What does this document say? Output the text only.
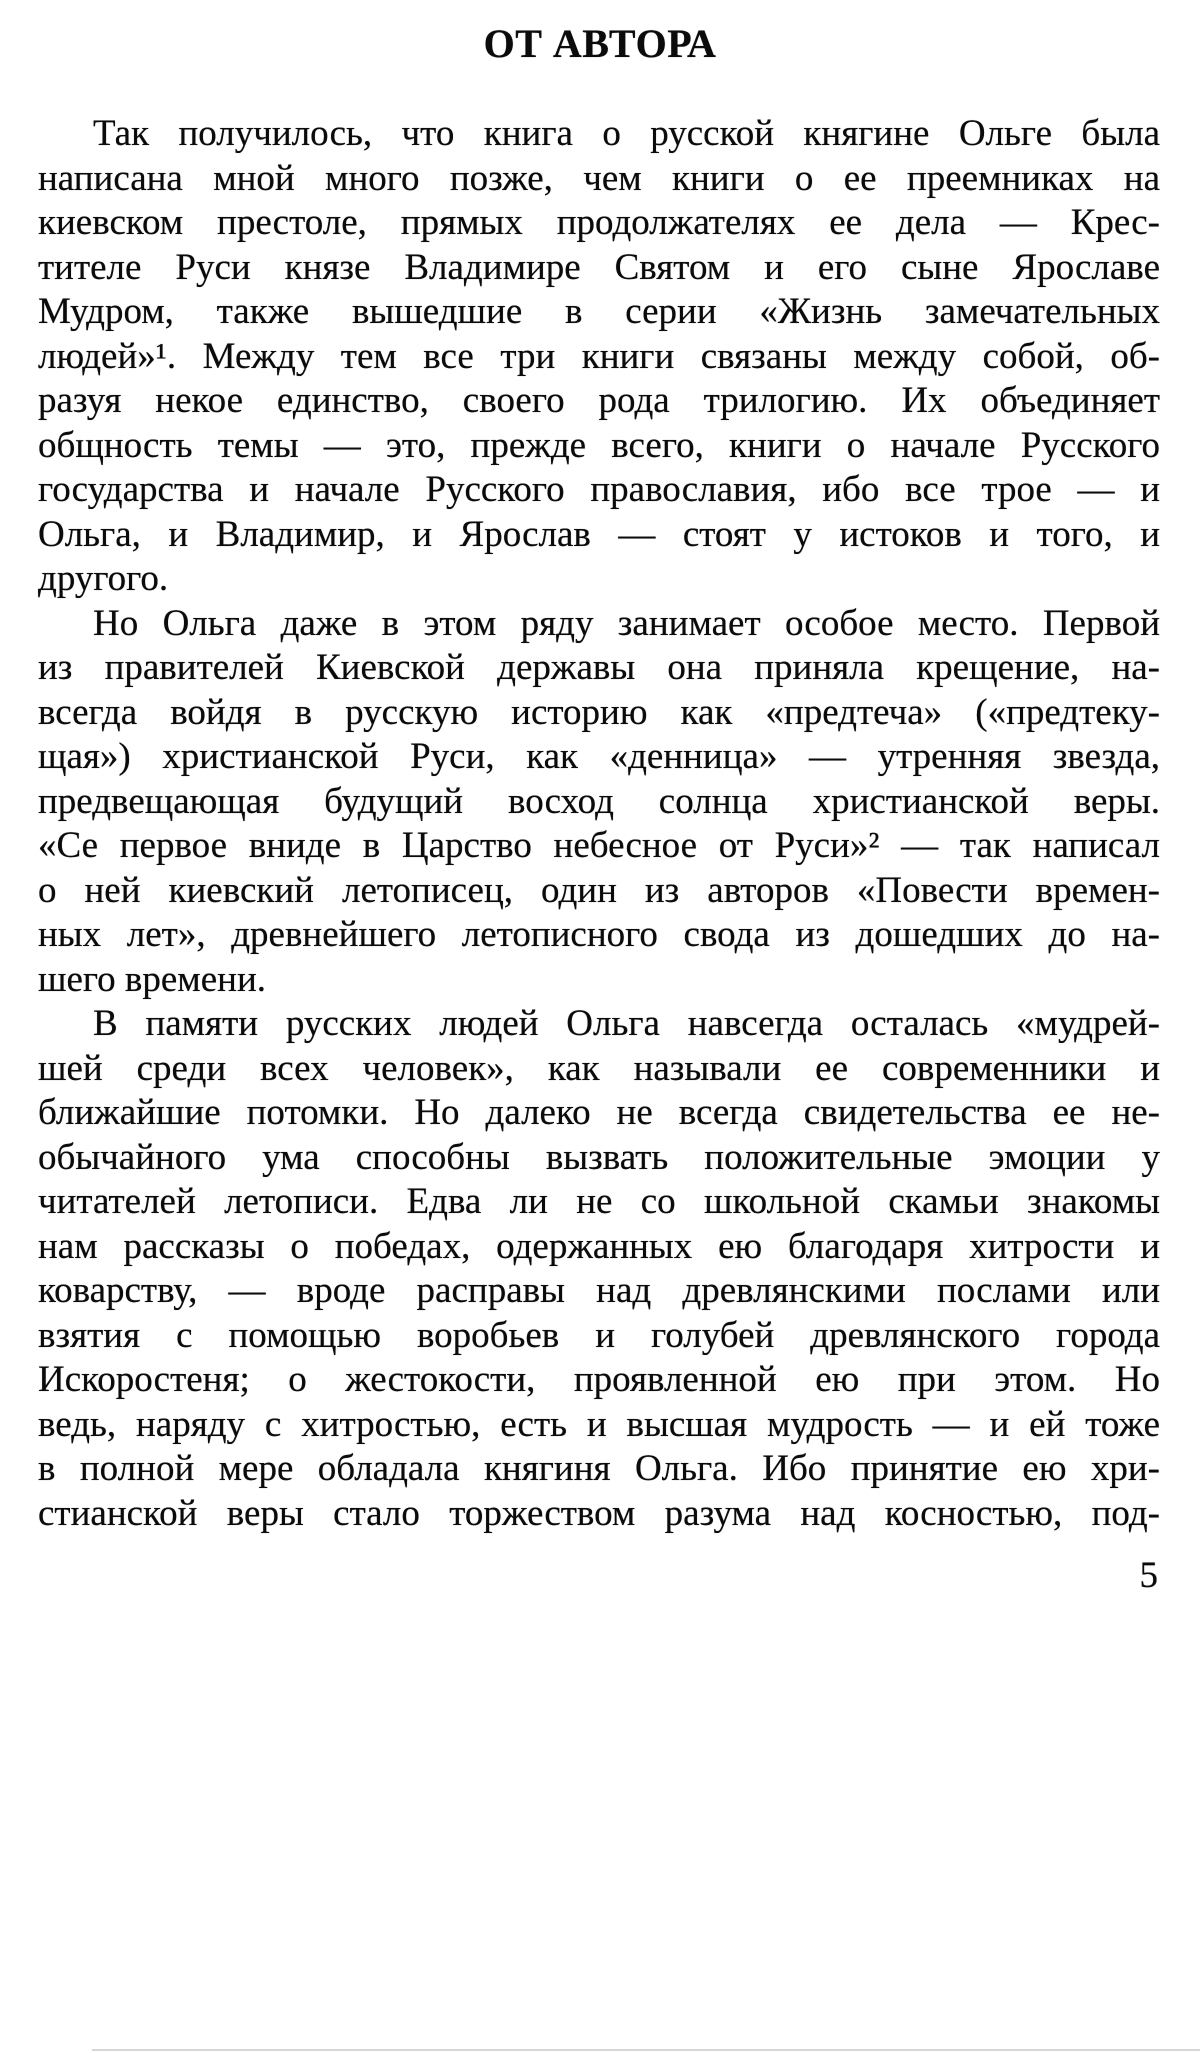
ОТ АВТОРА
Так получилось, что книга о русской княгине Ольге была
написана мной много позже, чем книги о ее преемниках на
киевском престоле, прямых продолжателях ее дела — Крес-
тителе Руси князе Владимире Святом и его сыне Ярославе
Мудром, также вышедшие в серии «Жизнь замечательных
людей»¹. Между тем все три книги связаны между собой, об-
разуя некое единство, своего рода трилогию. Их объединяет
общность темы — это, прежде всего, книги о начале Русского
государства и начале Русского православия, ибо все трое — и
Ольга, и Владимир, и Ярослав — стоят у истоков и того, и
другого.
Но Ольга даже в этом ряду занимает особое место. Первой
из правителей Киевской державы она приняла крещение, на-
всегда войдя в русскую историю как «предтеча» («предтеку-
щая») христианской Руси, как «денница» — утренняя звезда,
предвещающая будущий восход солнца христианской веры.
«Се первое вниде в Царство небесное от Руси»² — так написал
о ней киевский летописец, один из авторов «Повести времен-
ных лет», древнейшего летописного свода из дошедших до на-
шего времени.
В памяти русских людей Ольга навсегда осталась «мудрей-
шей среди всех человек», как называли ее современники и
ближайшие потомки. Но далеко не всегда свидетельства ее не-
обычайного ума способны вызвать положительные эмоции у
читателей летописи. Едва ли не со школьной скамьи знакомы
нам рассказы о победах, одержанных ею благодаря хитрости и
коварству, — вроде расправы над древлянскими послами или
взятия с помощью воробьев и голубей древлянского города
Искоростеня; о жестокости, проявленной ею при этом. Но
ведь, наряду с хитростью, есть и высшая мудрость — и ей тоже
в полной мере обладала княгиня Ольга. Ибо принятие ею хри-
стианской веры стало торжеством разума над косностью, под-
5
